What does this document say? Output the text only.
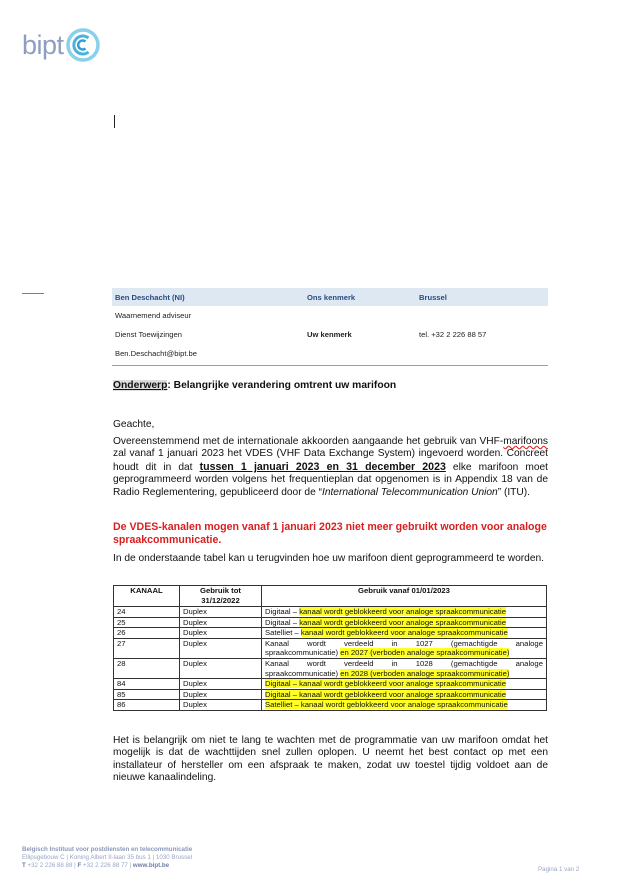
bipt
Ben Deschacht (NI)	Ons kenmerk	Brussel
Waarnemend adviseur
Dienst Toewijzingen	Uw kenmerk	tel. +32 2 226 88 57
Ben.Deschacht@bipt.be
Onderwerp: Belangrijke verandering omtrent uw marifoon

Geachte,

Overeenstemmend met de internationale akkoorden aangaande het gebruik van VHF-marifoons zal vanaf 1 januari 2023 het VDES (VHF Data Exchange System) ingevoerd worden. Concreet houdt dit in dat tussen 1 januari 2023 en 31 december 2023 elke marifoon moet geprogrammeerd worden volgens het frequentieplan dat opgenomen is in Appendix 18 van de Radio Reglementering, gepubliceerd door de “International Telecommunication Union” (ITU).

De VDES-kanalen mogen vanaf 1 januari 2023 niet meer gebruikt worden voor analoge spraakcommunicatie.

In de onderstaande tabel kan u terugvinden hoe uw marifoon dient geprogrammeerd te worden.

KANAAL	Gebruik tot 31/12/2022	Gebruik vanaf 01/01/2023
24	Duplex	Digitaal – kanaal wordt geblokkeerd voor analoge spraakcommunicatie
25	Duplex	Digitaal – kanaal wordt geblokkeerd voor analoge spraakcommunicatie
26	Duplex	Satelliet – kanaal wordt geblokkeerd voor analoge spraakcommunicatie
27	Duplex	Kanaal wordt verdeeld in 1027 (gemachtigde analoge
spraakcommunicatie) en 2027 (verboden analoge spraakcommunicatie)

28	Duplex	Kanaal wordt verdeeld in 1028 (gemachtigde analoge
spraakcommunicatie) en 2028 (verboden analoge spraakcommunicatie)

84	Duplex	Digitaal – kanaal wordt geblokkeerd voor analoge spraakcommunicatie
85	Duplex	Digitaal – kanaal wordt geblokkeerd voor analoge spraakcommunicatie
86	Duplex	Satelliet – kanaal wordt geblokkeerd voor analoge spraakcommunicatie

Het is belangrijk om niet te lang te wachten met de programmatie van uw marifoon omdat het mogelijk is dat de wachttijden snel zullen oplopen. U neemt het best contact op met een installateur of hersteller om een afspraak te maken, zodat uw toestel tijdig voldoet aan de nieuwe kanaalindeling.

Belgisch Instituut voor postdiensten en telecommunicatie
Ellipsgebouw C | Koning Albert II-laan 35 bus 1 | 1030 Brussel
T +32 2 226 88 88 | F +32 2 226 88 77 | www.bipt.be
Pagina 1 van 2
